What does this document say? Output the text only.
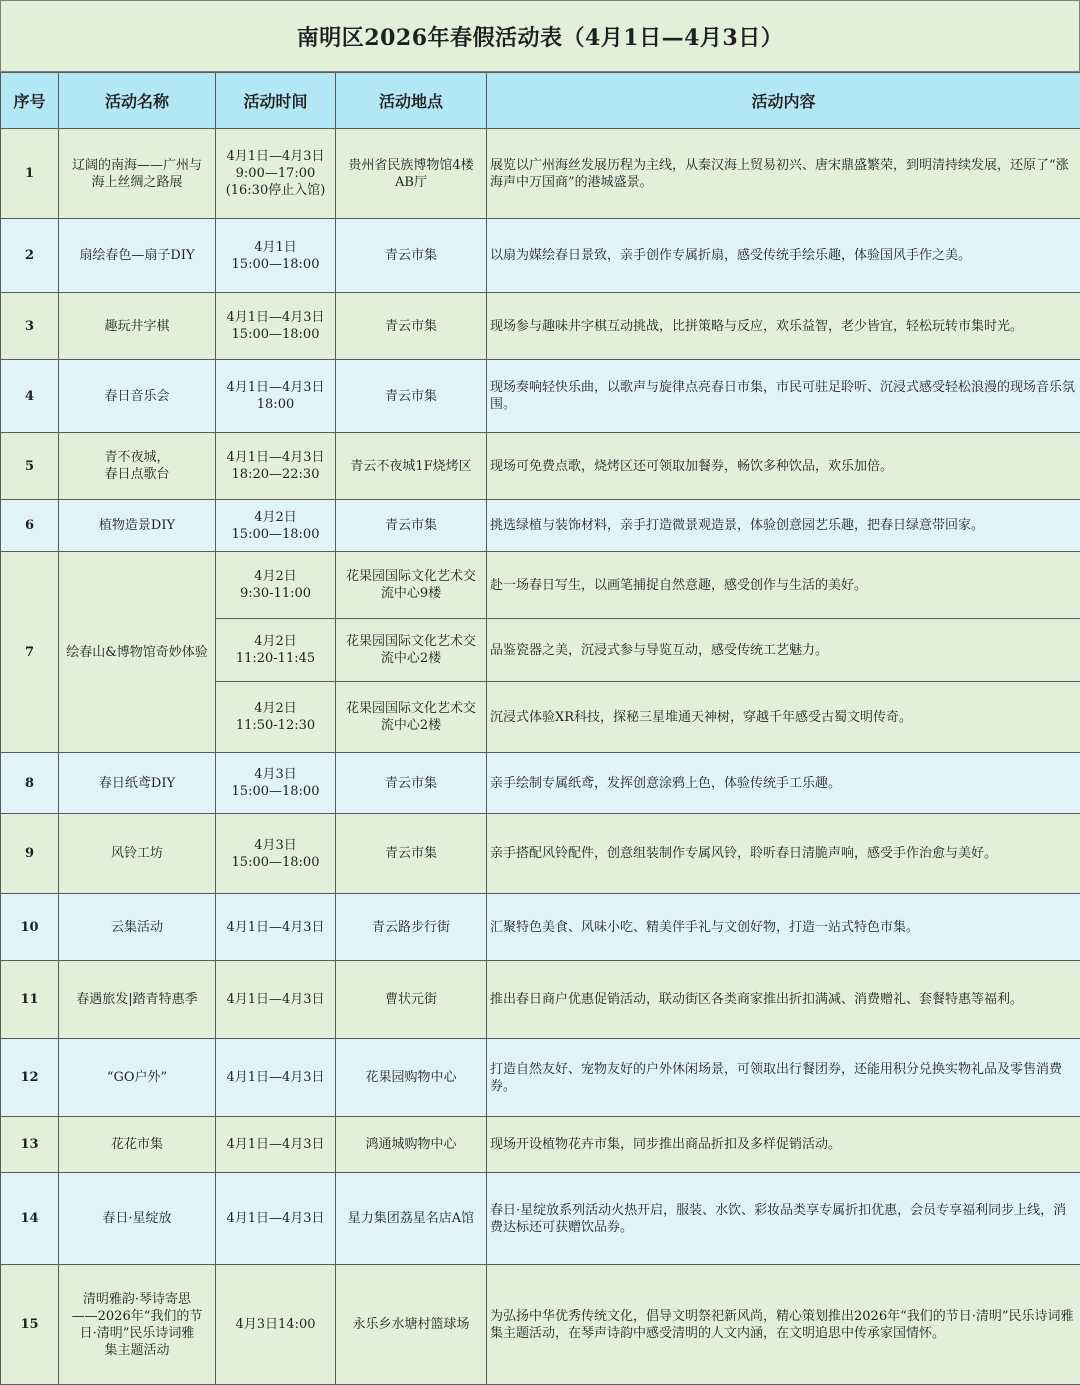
南明区2026年春假活动表（4月1日—4月3日）
序号	活动名称	活动时间	活动地点	活动内容
1	辽阔的南海——广州与
海上丝绸之路展	4月1日—4月3日
9:00—17:00
(16:30停止入馆)	贵州省民族博物馆4楼
AB厅	展览以广州海丝发展历程为主线，从秦汉海上贸易初兴、唐宋鼎盛繁荣，到明清持续发展，还原了“涨海声中万国商”的港城盛景。
2	扇绘春色—扇子DIY	4月1日
15:00—18:00	青云市集	以扇为媒绘春日景致，亲手创作专属折扇，感受传统手绘乐趣，体验国风手作之美。
3	趣玩井字棋	4月1日—4月3日
15:00—18:00	青云市集	现场参与趣味井字棋互动挑战，比拼策略与反应，欢乐益智，老少皆宜，轻松玩转市集时光。
4	春日音乐会	4月1日—4月3日
18:00	青云市集	现场奏响轻快乐曲，以歌声与旋律点亮春日市集，市民可驻足聆听、沉浸式感受轻松浪漫的现场音乐氛围。
5	青不夜城，
春日点歌台	4月1日—4月3日
18:20—22:30	青云不夜城1F烧烤区	现场可免费点歌，烧烤区还可领取加餐券，畅饮多种饮品，欢乐加倍。
6	植物造景DIY	4月2日
15:00—18:00	青云市集	挑选绿植与装饰材料，亲手打造微景观造景，体验创意园艺乐趣，把春日绿意带回家。
7	绘春山&博物馆奇妙体验	4月2日
9:30-11:00	花果园国际文化艺术交
流中心9楼	赴一场春日写生，以画笔捕捉自然意趣，感受创作与生活的美好。
		4月2日
11:20-11:45	花果园国际文化艺术交
流中心2楼	品鉴瓷器之美，沉浸式参与导览互动，感受传统工艺魅力。
		4月2日
11:50-12:30	花果园国际文化艺术交
流中心2楼	沉浸式体验XR科技，探秘三星堆通天神树，穿越千年感受古蜀文明传奇。
8	春日纸鸢DIY	4月3日
15:00—18:00	青云市集	亲手绘制专属纸鸢，发挥创意涂鸦上色，体验传统手工乐趣。
9	风铃工坊	4月3日
15:00—18:00	青云市集	亲手搭配风铃配件，创意组装制作专属风铃，聆听春日清脆声响，感受手作治愈与美好。
10	云集活动	4月1日—4月3日	青云路步行街	汇聚特色美食、风味小吃、精美伴手礼与文创好物，打造一站式特色市集。
11	春遇旅发|踏青特惠季	4月1日—4月3日	曹状元街	推出春日商户优惠促销活动，联动街区各类商家推出折扣满减、消费赠礼、套餐特惠等福利。
12	“GO户外”	4月1日—4月3日	花果园购物中心	打造自然友好、宠物友好的户外休闲场景，可领取出行餐团券，还能用积分兑换实物礼品及零售消费券。
13	花花市集	4月1日—4月3日	鸿通城购物中心	现场开设植物花卉市集，同步推出商品折扣及多样促销活动。
14	春日·星绽放	4月1日—4月3日	星力集团荔星名店A馆	春日·星绽放系列活动火热开启，服装、水饮、彩妆品类享专属折扣优惠，会员专享福利同步上线，消费达标还可获赠饮品券。
15	清明雅韵·琴诗寄思
——2026年“我们的节
日·清明”民乐诗词雅
集主题活动	4月3日14:00	永乐乡水塘村篮球场	为弘扬中华优秀传统文化，倡导文明祭祀新风尚，精心策划推出2026年“我们的节日·清明”民乐诗词雅集主题活动，在琴声诗韵中感受清明的人文内涵，在文明追思中传承家国情怀。
